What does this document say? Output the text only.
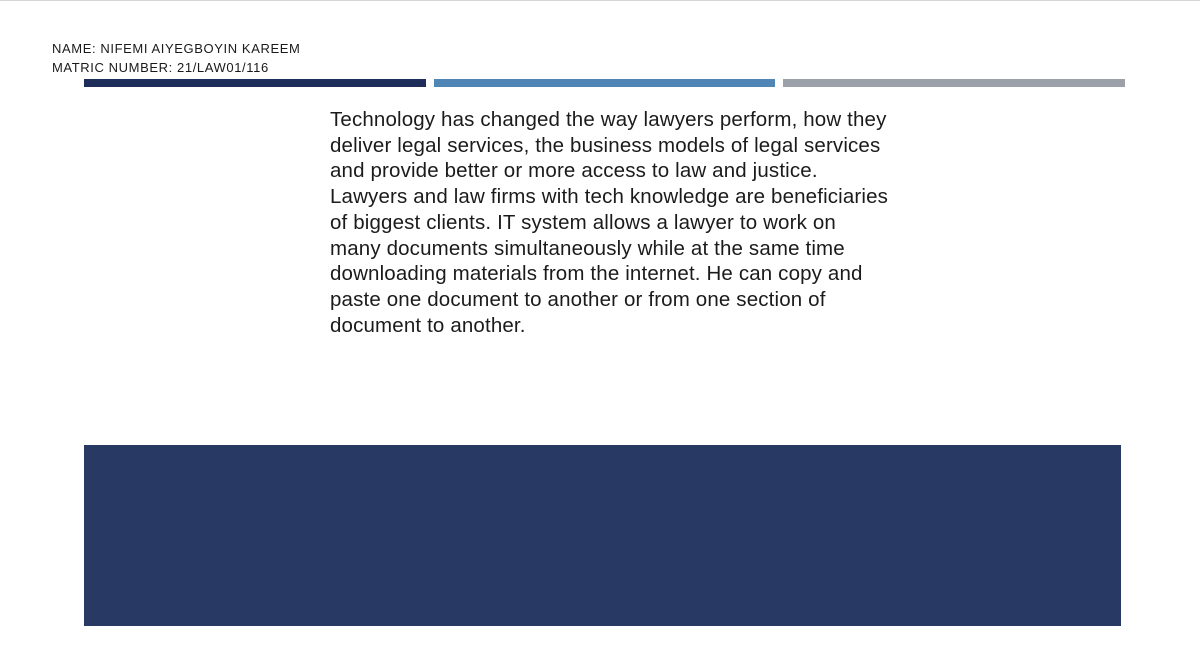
NAME: NIFEMI AIYEGBOYIN KAREEM
MATRIC NUMBER: 21/LAW01/116

Technology has changed the way lawyers perform, how they deliver legal services, the business models of legal services and provide better or more access to law and justice. Lawyers and law firms with tech knowledge are beneficiaries of biggest clients. IT system allows a lawyer to work on many documents simultaneously while at the same time downloading materials from the internet. He can copy and paste one document to another or from one section of document to another.
